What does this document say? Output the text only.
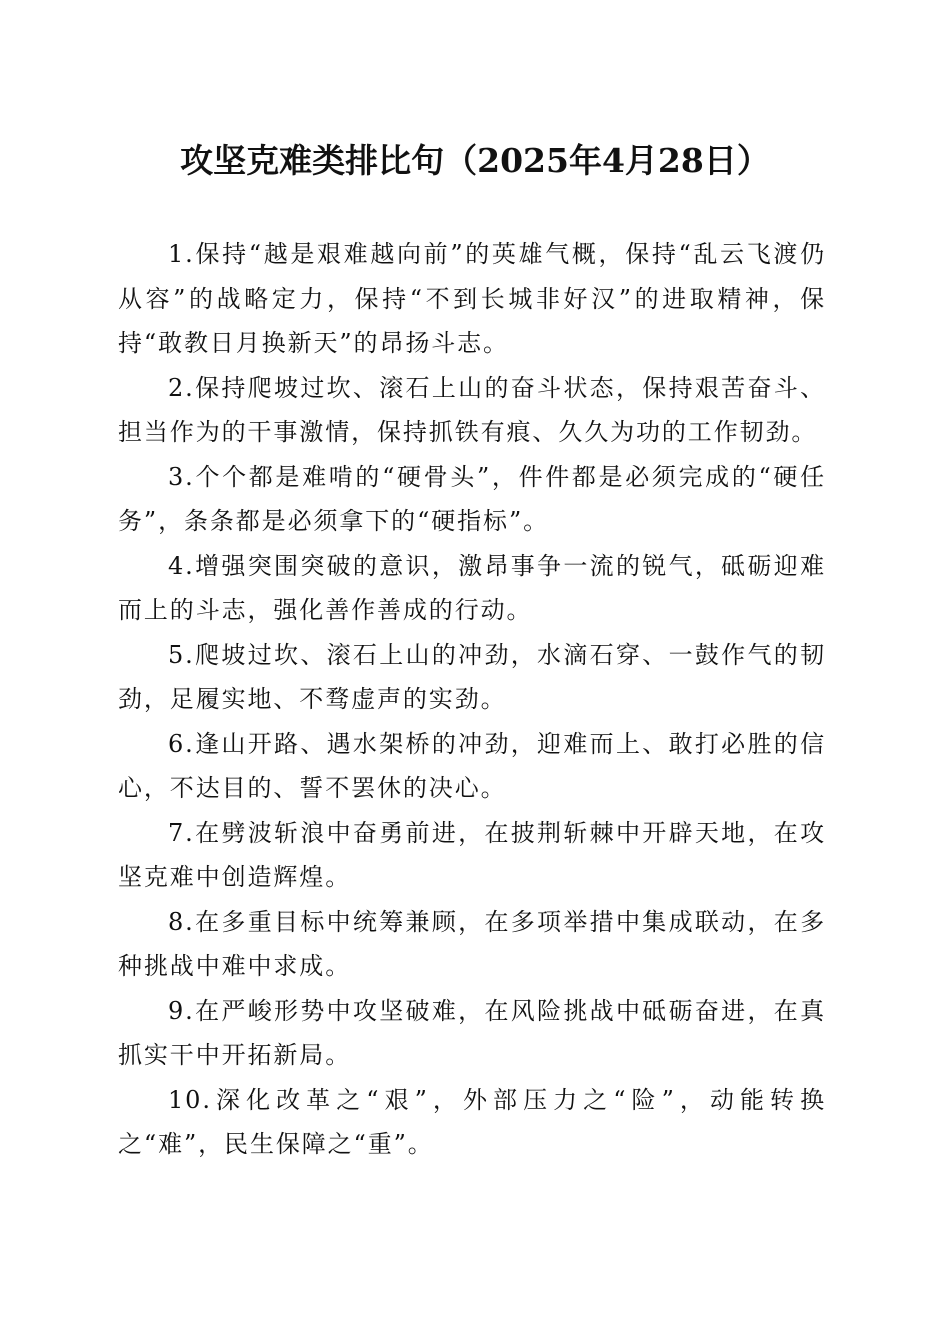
攻坚克难类排比句（2025年4月28日）

1.保持“越是艰难越向前”的英雄气概，保持“乱云飞渡仍从容”的战略定力，保持“不到长城非好汉”的进取精神，保持“敢教日月换新天”的昂扬斗志。

2.保持爬坡过坎、滚石上山的奋斗状态，保持艰苦奋斗、担当作为的干事激情，保持抓铁有痕、久久为功的工作韧劲。

3.个个都是难啃的“硬骨头”，件件都是必须完成的“硬任务”，条条都是必须拿下的“硬指标”。

4.增强突围突破的意识，激昂事争一流的锐气，砥砺迎难而上的斗志，强化善作善成的行动。

5.爬坡过坎、滚石上山的冲劲，水滴石穿、一鼓作气的韧劲，足履实地、不骛虚声的实劲。

6.逢山开路、遇水架桥的冲劲，迎难而上、敢打必胜的信心，不达目的、誓不罢休的决心。

7.在劈波斩浪中奋勇前进，在披荆斩棘中开辟天地，在攻坚克难中创造辉煌。

8.在多重目标中统筹兼顾，在多项举措中集成联动，在多种挑战中难中求成。

9.在严峻形势中攻坚破难，在风险挑战中砥砺奋进，在真抓实干中开拓新局。

10.深化改革之“艰”，外部压力之“险”，动能转换之“难”，民生保障之“重”。
